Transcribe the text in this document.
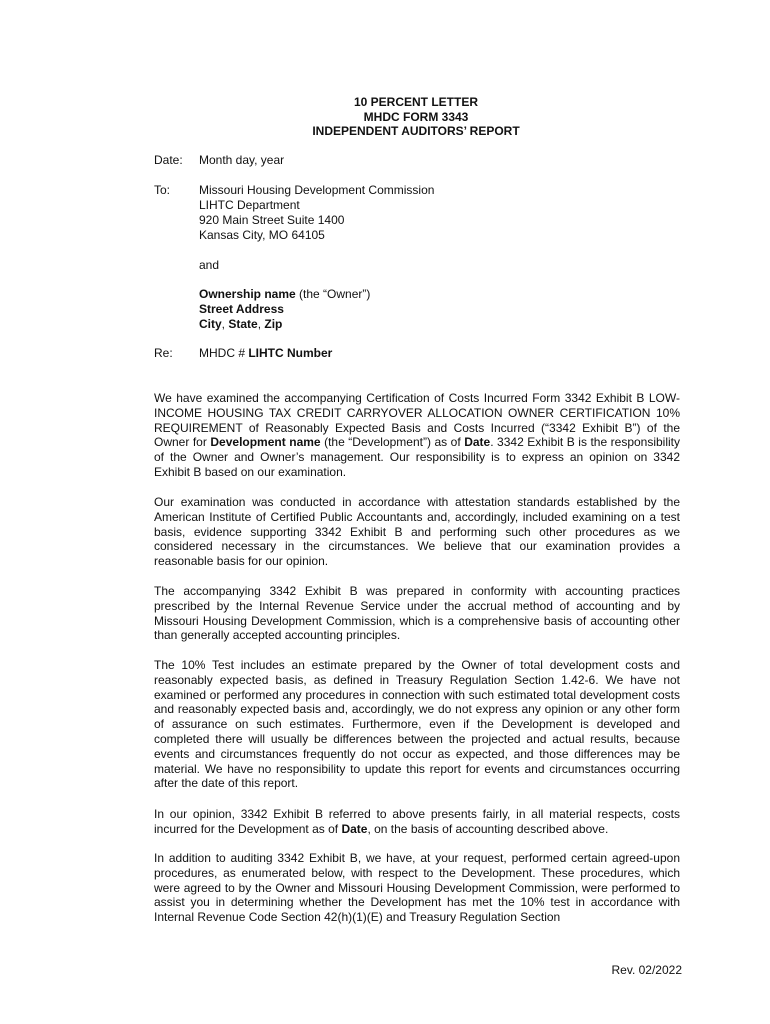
10 PERCENT LETTER
MHDC FORM 3343
INDEPENDENT AUDITORS’ REPORT
Date: Month day, year
To: Missouri Housing Development Commission
LIHTC Department
920 Main Street Suite 1400
Kansas City, MO 64105
and
Ownership name (the “Owner”)
Street Address
City, State, Zip
Re: MHDC # LIHTC Number

We have examined the accompanying Certification of Costs Incurred Form 3342 Exhibit B LOW-INCOME HOUSING TAX CREDIT CARRYOVER ALLOCATION OWNER CERTIFICATION 10% REQUIREMENT of Reasonably Expected Basis and Costs Incurred (“3342 Exhibit B”) of the Owner for Development name (the “Development”) as of Date. 3342 Exhibit B is the responsibility of the Owner and Owner’s management. Our responsibility is to express an opinion on 3342 Exhibit B based on our examination.

Our examination was conducted in accordance with attestation standards established by the American Institute of Certified Public Accountants and, accordingly, included examining on a test basis, evidence supporting 3342 Exhibit B and performing such other procedures as we considered necessary in the circumstances. We believe that our examination provides a reasonable basis for our opinion.

The accompanying 3342 Exhibit B was prepared in conformity with accounting practices prescribed by the Internal Revenue Service under the accrual method of accounting and by Missouri Housing Development Commission, which is a comprehensive basis of accounting other than generally accepted accounting principles.

The 10% Test includes an estimate prepared by the Owner of total development costs and reasonably expected basis, as defined in Treasury Regulation Section 1.42-6. We have not examined or performed any procedures in connection with such estimated total development costs and reasonably expected basis and, accordingly, we do not express any opinion or any other form of assurance on such estimates. Furthermore, even if the Development is developed and completed there will usually be differences between the projected and actual results, because events and circumstances frequently do not occur as expected, and those differences may be material. We have no responsibility to update this report for events and circumstances occurring after the date of this report.

In our opinion, 3342 Exhibit B referred to above presents fairly, in all material respects, costs incurred for the Development as of Date, on the basis of accounting described above.

In addition to auditing 3342 Exhibit B, we have, at your request, performed certain agreed-upon procedures, as enumerated below, with respect to the Development. These procedures, which were agreed to by the Owner and Missouri Housing Development Commission, were performed to assist you in determining whether the Development has met the 10% test in accordance with Internal Revenue Code Section 42(h)(1)(E) and Treasury Regulation Section

Rev. 02/2022
